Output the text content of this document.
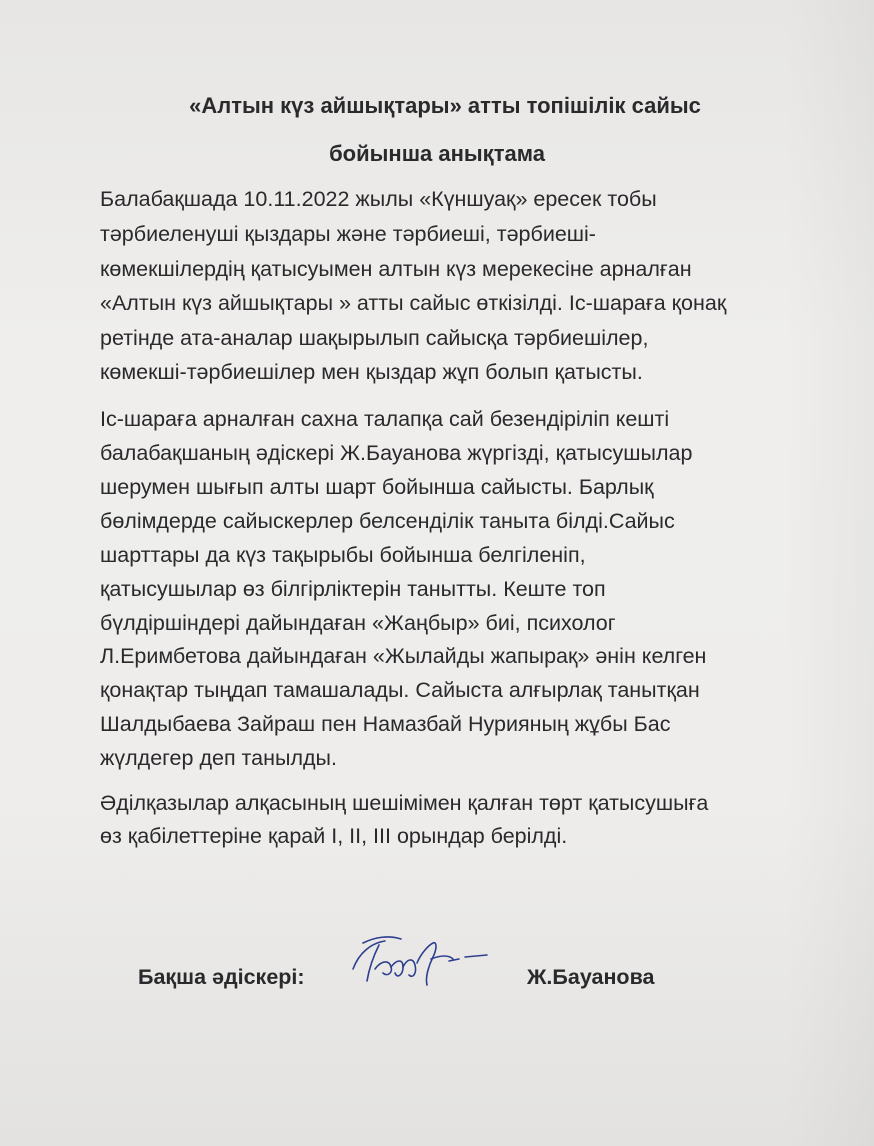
«Алтын күз айшықтары» атты топішілік сайыс
бойынша анықтама
Балабақшада 10.11.2022 жылы «Күншуақ» ересек тобы
тәрбиеленуші қыздары және тәрбиеші, тәрбиеші-
көмекшілердің қатысуымен алтын күз мерекесіне арналған
«Алтын күз айшықтары » атты сайыс өткізілді. Іс-шараға қонақ
ретінде ата-аналар шақырылып сайысқа тәрбиешілер,
көмекші-тәрбиешілер мен қыздар жұп болып қатысты.
Іс-шараға арналған сахна талапқа сай безендіріліп кешті
балабақшаның әдіскері Ж.Бауанова жүргізді, қатысушылар
шерумен шығып алты шарт бойынша сайысты. Барлық
бөлімдерде сайыскерлер белсенділік таныта білді.Сайыс
шарттары да күз тақырыбы бойынша белгіленіп,
қатысушылар өз білгірліктерін танытты. Кеште топ
бүлдіршіндері дайындаған «Жаңбыр» биі, психолог
Л.Еримбетова дайындаған «Жылайды жапырақ» әнін келген
қонақтар тыңдап тамашалады. Сайыста алғырлақ танытқан
Шалдыбаева Зайраш пен Намазбай Нурияның жұбы Бас
жүлдегер деп танылды.
Әділқазылар алқасының шешімімен қалған төрт қатысушыға
өз қабілеттеріне қарай І, ІІ, ІІІ орындар берілді.
Бақша әдіскері:	Ж.Бауанова
